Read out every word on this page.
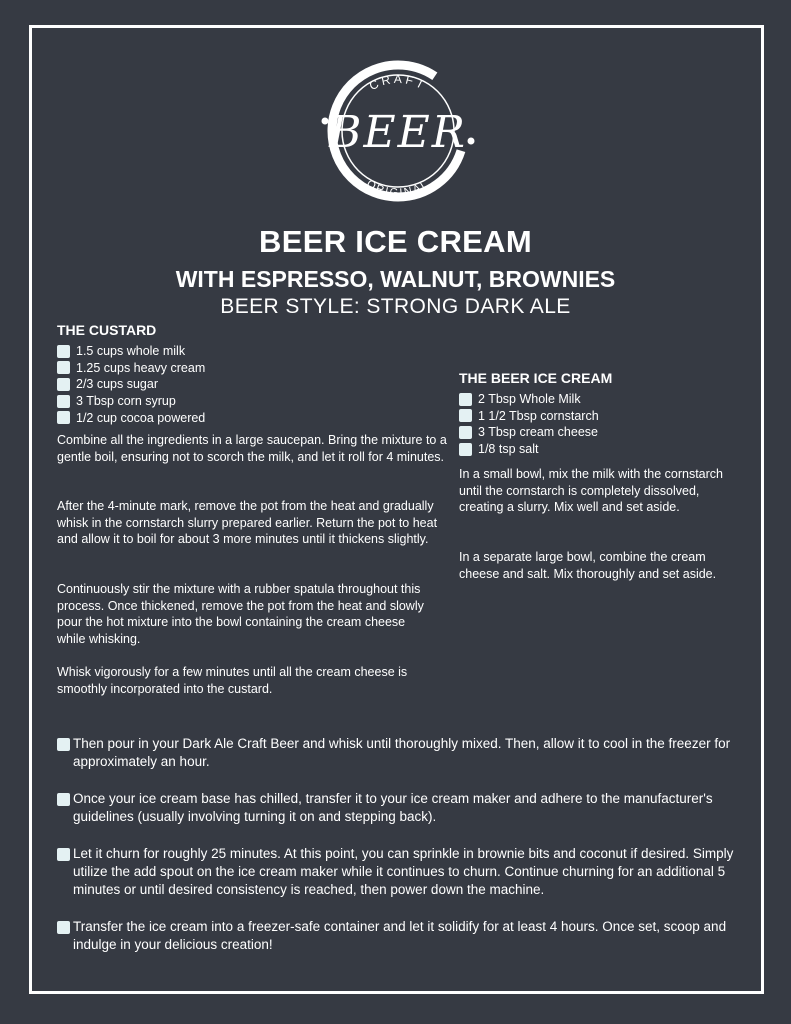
CRAFT
BEER
ORIGINAL
BEER ICE CREAM
WITH ESPRESSO, WALNUT, BROWNIES
BEER STYLE: STRONG DARK ALE
THE CUSTARD
1.5 cups whole milk
1.25 cups heavy cream
2/3 cups sugar
3 Tbsp corn syrup
1/2 cup cocoa powered

Combine all the ingredients in a large saucepan. Bring the mixture to a gentle boil, ensuring not to scorch the milk, and let it roll for 4 minutes.

After the 4-minute mark, remove the pot from the heat and gradually whisk in the cornstarch slurry prepared earlier. Return the pot to heat and allow it to boil for about 3 more minutes until it thickens slightly.

Continuously stir the mixture with a rubber spatula throughout this process. Once thickened, remove the pot from the heat and slowly pour the hot mixture into the bowl containing the cream cheese while whisking.

Whisk vigorously for a few minutes until all the cream cheese is smoothly incorporated into the custard.

THE BEER ICE CREAM
2 Tbsp Whole Milk
1 1/2 Tbsp cornstarch
3 Tbsp cream cheese
1/8 tsp salt

In a small bowl, mix the milk with the cornstarch until the cornstarch is completely dissolved, creating a slurry. Mix well and set aside.

In a separate large bowl, combine the cream cheese and salt. Mix thoroughly and set aside.

Then pour in your Dark Ale Craft Beer and whisk until thoroughly mixed. Then, allow it to cool in the freezer for approximately an hour.
Once your ice cream base has chilled, transfer it to your ice cream maker and adhere to the manufacturer's guidelines (usually involving turning it on and stepping back).
Let it churn for roughly 25 minutes. At this point, you can sprinkle in brownie bits and coconut if desired. Simply utilize the add spout on the ice cream maker while it continues to churn. Continue churning for an additional 5 minutes or until desired consistency is reached, then power down the machine.
Transfer the ice cream into a freezer-safe container and let it solidify for at least 4 hours. Once set, scoop and indulge in your delicious creation!
